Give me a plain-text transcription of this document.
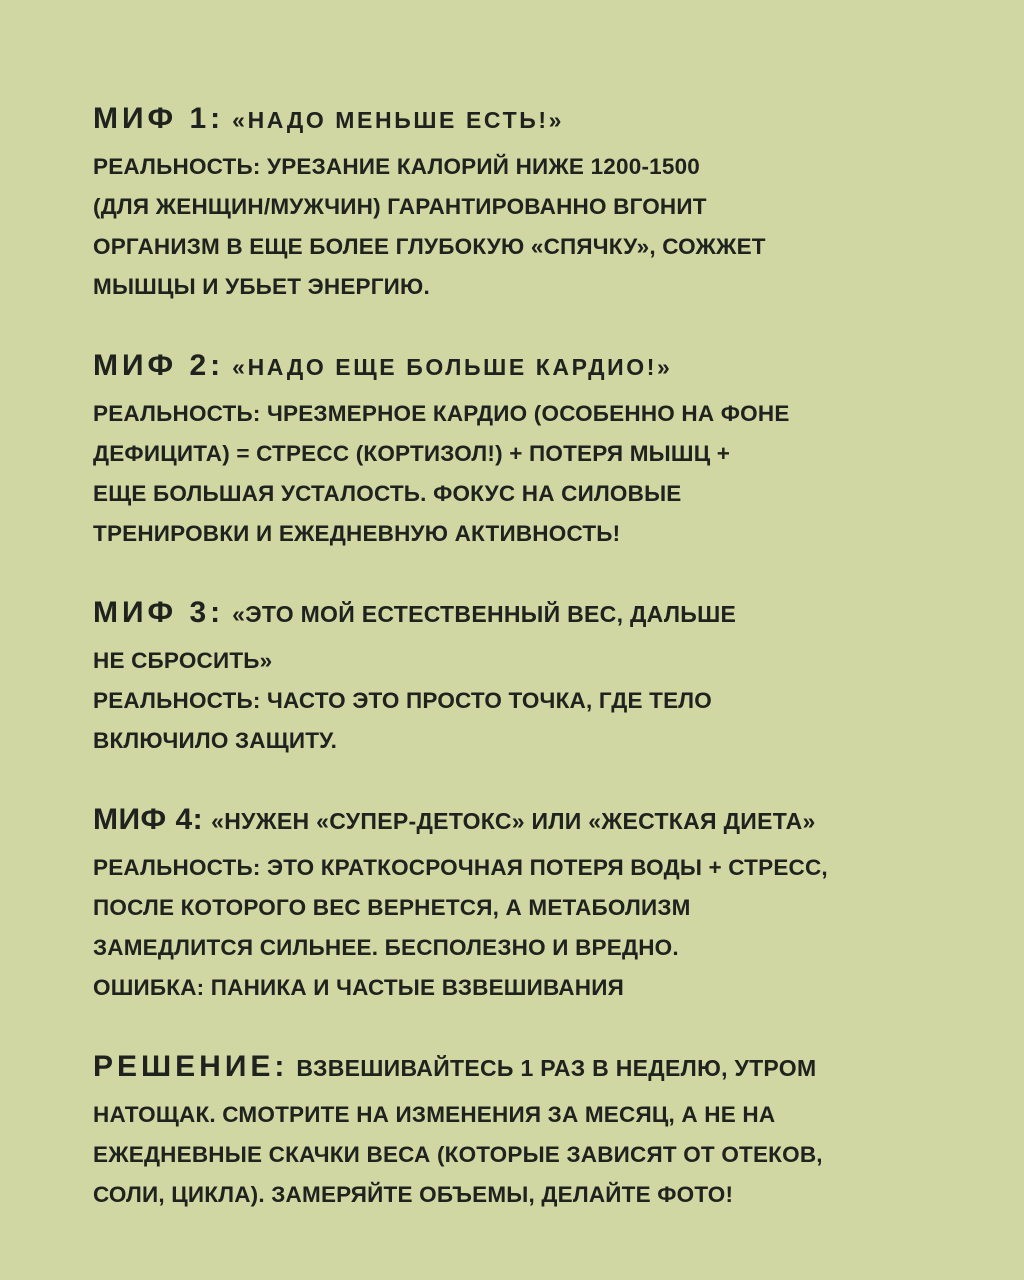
МИФ 1: «НАДО МЕНЬШЕ ЕСТЬ!»
РЕАЛЬНОСТЬ: УРЕЗАНИЕ КАЛОРИЙ НИЖЕ 1200-1500
(ДЛЯ ЖЕНЩИН/МУЖЧИН) ГАРАНТИРОВАННО ВГОНИТ
ОРГАНИЗМ В ЕЩЕ БОЛЕЕ ГЛУБОКУЮ «СПЯЧКУ», СОЖЖЕТ
МЫШЦЫ И УБЬЕТ ЭНЕРГИЮ.
МИФ 2: «НАДО ЕЩЕ БОЛЬШЕ КАРДИО!»
РЕАЛЬНОСТЬ: ЧРЕЗМЕРНОЕ КАРДИО (ОСОБЕННО НА ФОНЕ
ДЕФИЦИТА) = СТРЕСС (КОРТИЗОЛ!) + ПОТЕРЯ МЫШЦ +
ЕЩЕ БОЛЬШАЯ УСТАЛОСТЬ. ФОКУС НА СИЛОВЫЕ
ТРЕНИРОВКИ И ЕЖЕДНЕВНУЮ АКТИВНОСТЬ!
МИФ 3: «ЭТО МОЙ ЕСТЕСТВЕННЫЙ ВЕС, ДАЛЬШЕ
НЕ СБРОСИТЬ»
РЕАЛЬНОСТЬ: ЧАСТО ЭТО ПРОСТО ТОЧКА, ГДЕ ТЕЛО
ВКЛЮЧИЛО ЗАЩИТУ.
МИФ 4: «НУЖЕН «СУПЕР-ДЕТОКС» ИЛИ «ЖЕСТКАЯ ДИЕТА»
РЕАЛЬНОСТЬ: ЭТО КРАТКОСРОЧНАЯ ПОТЕРЯ ВОДЫ + СТРЕСС,
ПОСЛЕ КОТОРОГО ВЕС ВЕРНЕТСЯ, А МЕТАБОЛИЗМ
ЗАМЕДЛИТСЯ СИЛЬНЕЕ. БЕСПОЛЕЗНО И ВРЕДНО.
ОШИБКА: ПАНИКА И ЧАСТЫЕ ВЗВЕШИВАНИЯ
РЕШЕНИЕ: ВЗВЕШИВАЙТЕСЬ 1 РАЗ В НЕДЕЛЮ, УТРОМ
НАТОЩАК. СМОТРИТЕ НА ИЗМЕНЕНИЯ ЗА МЕСЯЦ, А НЕ НА
ЕЖЕДНЕВНЫЕ СКАЧКИ ВЕСА (КОТОРЫЕ ЗАВИСЯТ ОТ ОТЕКОВ,
СОЛИ, ЦИКЛА). ЗАМЕРЯЙТЕ ОБЪЕМЫ, ДЕЛАЙТЕ ФОТО!
